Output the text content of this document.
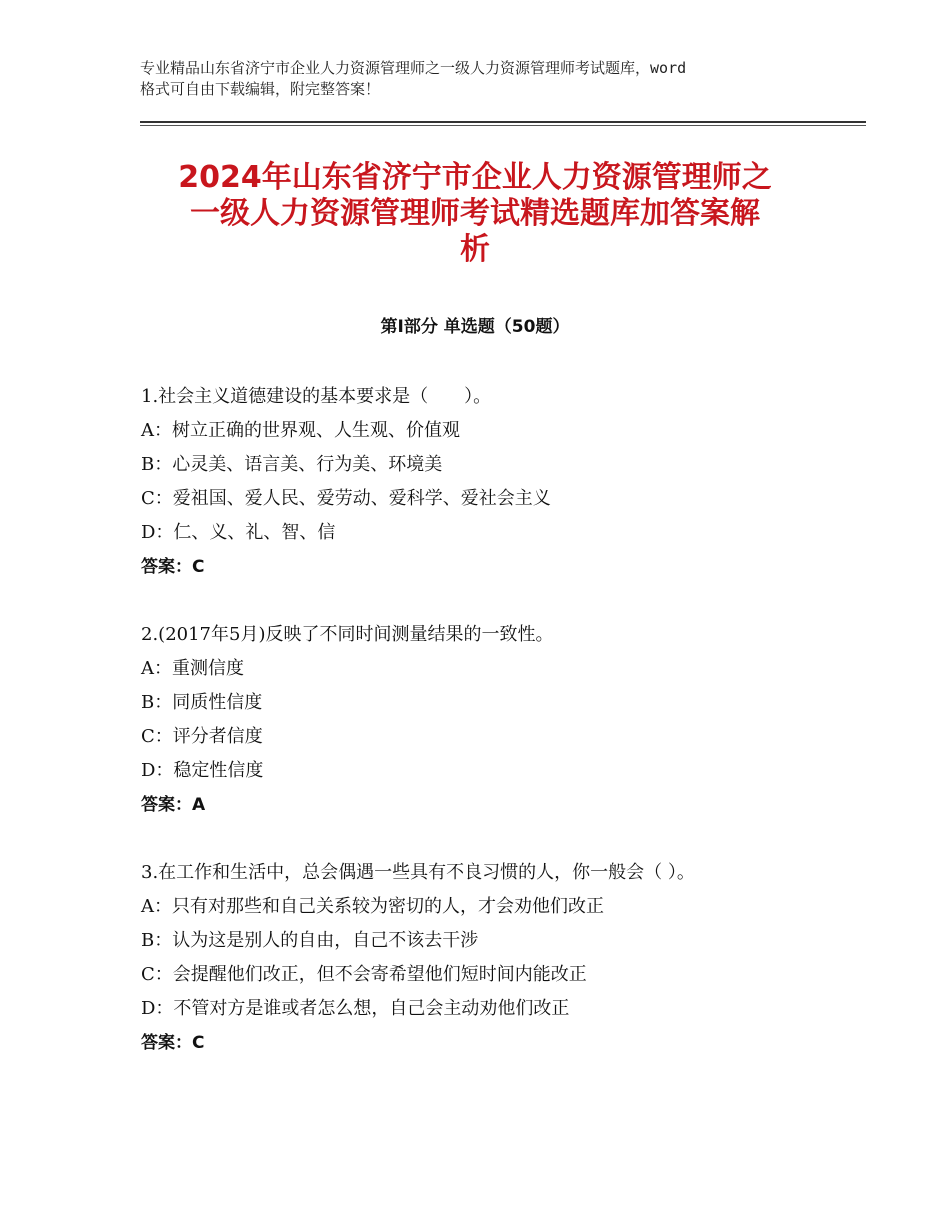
专业精品山东省济宁市企业人力资源管理师之一级人力资源管理师考试题库，word
格式可自由下载编辑，附完整答案！
2024年山东省济宁市企业人力资源管理师之
一级人力资源管理师考试精选题库加答案解
析
第Ⅰ部分 单选题（50题）

1.社会主义道德建设的基本要求是（　　）。

A：树立正确的世界观、人生观、价值观

B：心灵美、语言美、行为美、环境美

C：爱祖国、爱人民、爱劳动、爱科学、爱社会主义

D：仁、义、礼、智、信

答案：C

2.(2017年5月)反映了不同时间测量结果的一致性。

A：重测信度

B：同质性信度

C：评分者信度

D：稳定性信度

答案：A

3.在工作和生活中，总会偶遇一些具有不良习惯的人，你一般会（ ）。

A：只有对那些和自己关系较为密切的人，才会劝他们改正

B：认为这是别人的自由，自己不该去干涉

C：会提醒他们改正，但不会寄希望他们短时间内能改正

D：不管对方是谁或者怎么想，自己会主动劝他们改正

答案：C
